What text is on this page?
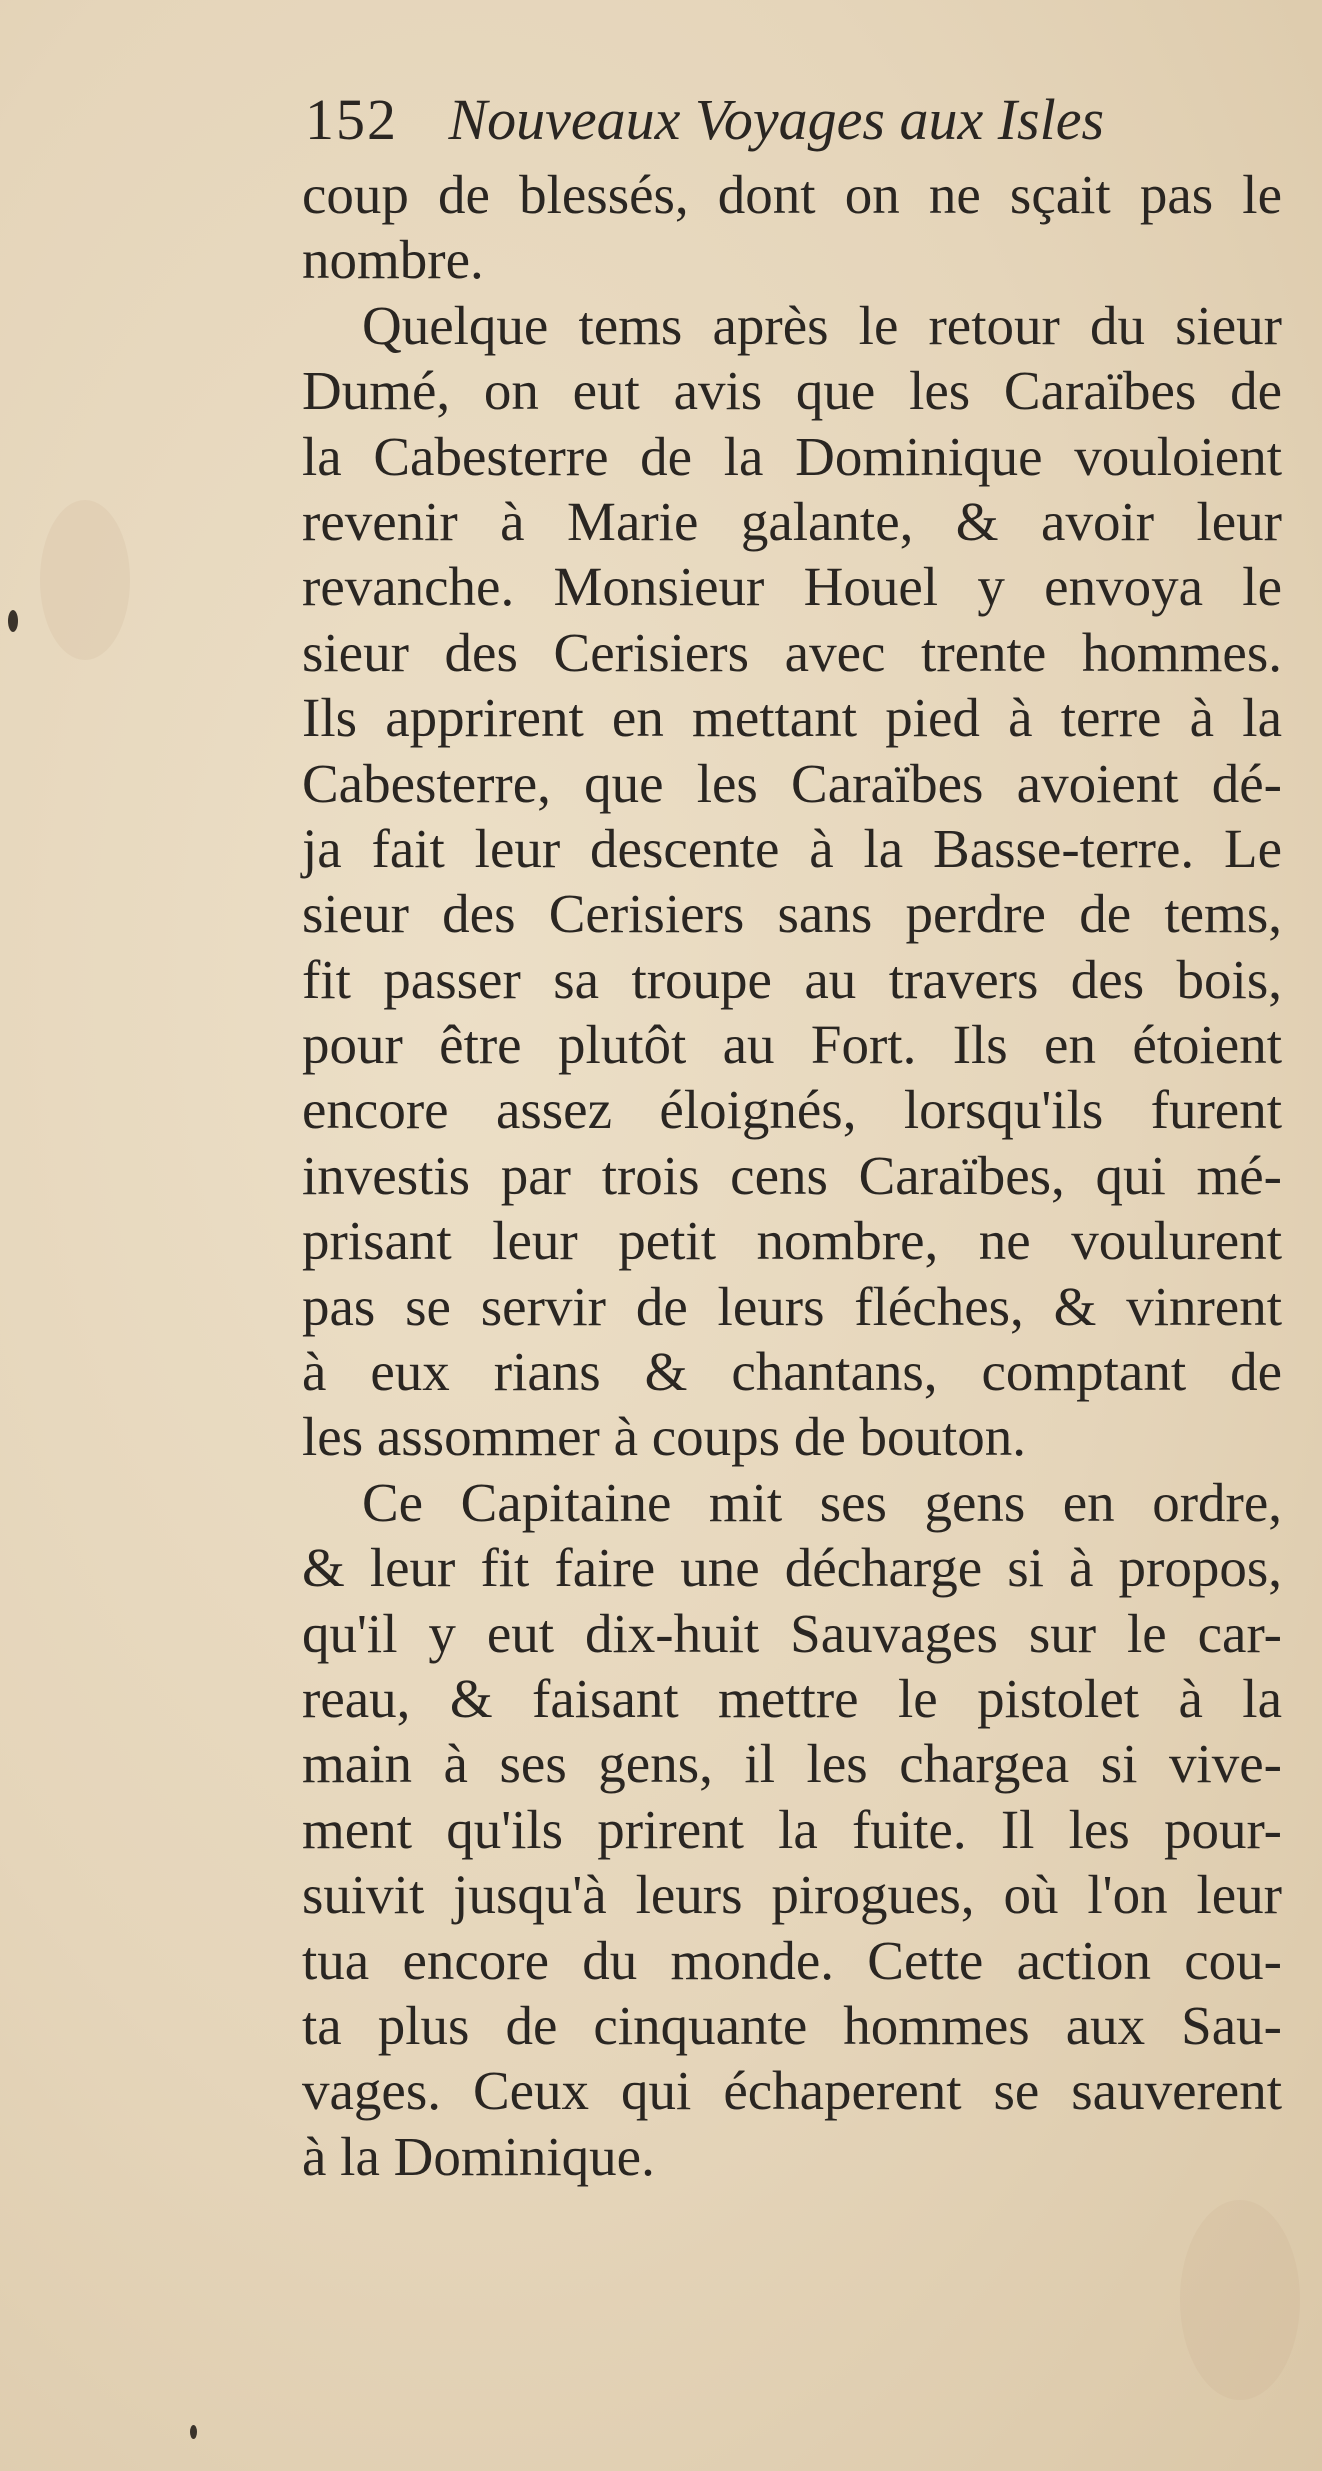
152 Nouveaux Voyages aux Isles
coup de blessés, dont on ne sçait pas le
nombre.
Quelque tems après le retour du sieur
Dumé, on eut avis que les Caraïbes de
la Cabesterre de la Dominique vouloient
revenir à Marie galante, & avoir leur
revanche. Monsieur Houel y envoya le
sieur des Cerisiers avec trente hommes.
Ils apprirent en mettant pied à terre à la
Cabesterre, que les Caraïbes avoient dé-
ja fait leur descente à la Basse-terre. Le
sieur des Cerisiers sans perdre de tems,
fit passer sa troupe au travers des bois,
pour être plutôt au Fort. Ils en étoient
encore assez éloignés, lorsqu'ils furent
investis par trois cens Caraïbes, qui mé-
prisant leur petit nombre, ne voulurent
pas se servir de leurs fléches, & vinrent
à eux rians & chantans, comptant de
les assommer à coups de bouton.
Ce Capitaine mit ses gens en ordre,
& leur fit faire une décharge si à propos,
qu'il y eut dix-huit Sauvages sur le car-
reau, & faisant mettre le pistolet à la
main à ses gens, il les chargea si vive-
ment qu'ils prirent la fuite. Il les pour-
suivit jusqu'à leurs pirogues, où l'on leur
tua encore du monde. Cette action cou-
ta plus de cinquante hommes aux Sau-
vages. Ceux qui échaperent se sauverent
à la Dominique.
